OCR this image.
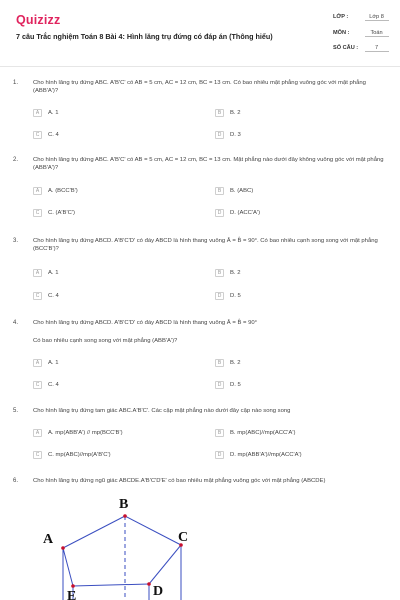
Quizizz
7 câu Trắc nghiệm Toán 8 Bài 4: Hình lăng trụ đứng có đáp án (Thông hiểu)
LỚP :	Lớp 8
MÔN :	Toán
SỐ CÂU :	7
1.	Cho hình lăng trụ đứng ABC. A'B'C' có AB = 5 cm, AC = 12 cm, BC = 13 cm. Có bao nhiêu mặt phẳng vuông góc với mặt phẳng (ABB'A')?
A	A. 1	B	B. 2
C	C. 4	D	D. 3
2.	Cho hình lăng trụ đứng ABC. A'B'C' có AB = 5 cm, AC = 12 cm, BC = 13 cm. Mặt phẳng nào dưới đây không vuông góc với mặt phẳng (ABB'A')?
A	A. (BCC'B')	B	B. (ABC)
C	C. (A'B'C')	D	D. (ACC'A')
3.	Cho hình lăng trụ đứng ABCD. A'B'C'D' có đáy ABCD là hình thang vuông Â = B̂ = 90°. Có bao nhiêu cạnh song song với mặt phẳng (BCC'B')?
A	A. 1	B	B. 2
C	C. 4	D	D. 5
4.	Cho hình lăng trụ đứng ABCD. A'B'C'D' có đáy ABCD là hình thang vuông Â = B̂ = 90°
Có bao nhiêu cạnh song song với mặt phẳng (ABB'A')?
A	A. 1	B	B. 2
C	C. 4	D	D. 5
5.	Cho hình lăng trụ đứng tam giác ABC.A'B'C'. Các cặp mặt phẳng nào dưới đây cặp nào song song
A	A. mp(ABB'A') // mp(BCC'B')	B	B. mp(ABC)//mp(ACC'A')
C	C. mp(ABC)//mp(A'B'C')	D	D. mp(ABB'A')//mp(ACC'A')
6.	Cho hình lăng trụ đứng ngũ giác ABCDE.A'B'C'D'E' có bao nhiêu mặt phẳng vuông góc với mặt phẳng (ABCDE)
A
B
C
D
E
